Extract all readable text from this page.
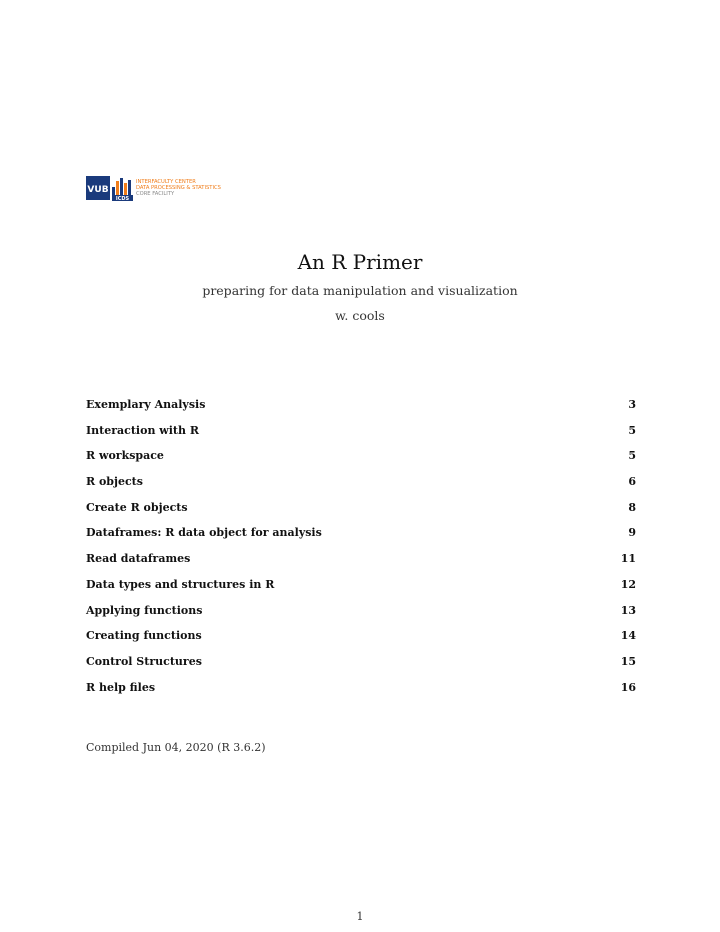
VUB
ICDS
INTERFACULTY CENTER
DATA PROCESSING & STATISTICS
CORE FACILITY
An R Primer
preparing for data manipulation and visualization
w. cools
Exemplary Analysis	3
Interaction with R	5
R workspace	5
R objects	6
Create R objects	8
Dataframes: R data object for analysis	9
Read dataframes	11
Data types and structures in R	12
Applying functions	13
Creating functions	14
Control Structures	15
R help files	16
Compiled Jun 04, 2020 (R 3.6.2)
1
